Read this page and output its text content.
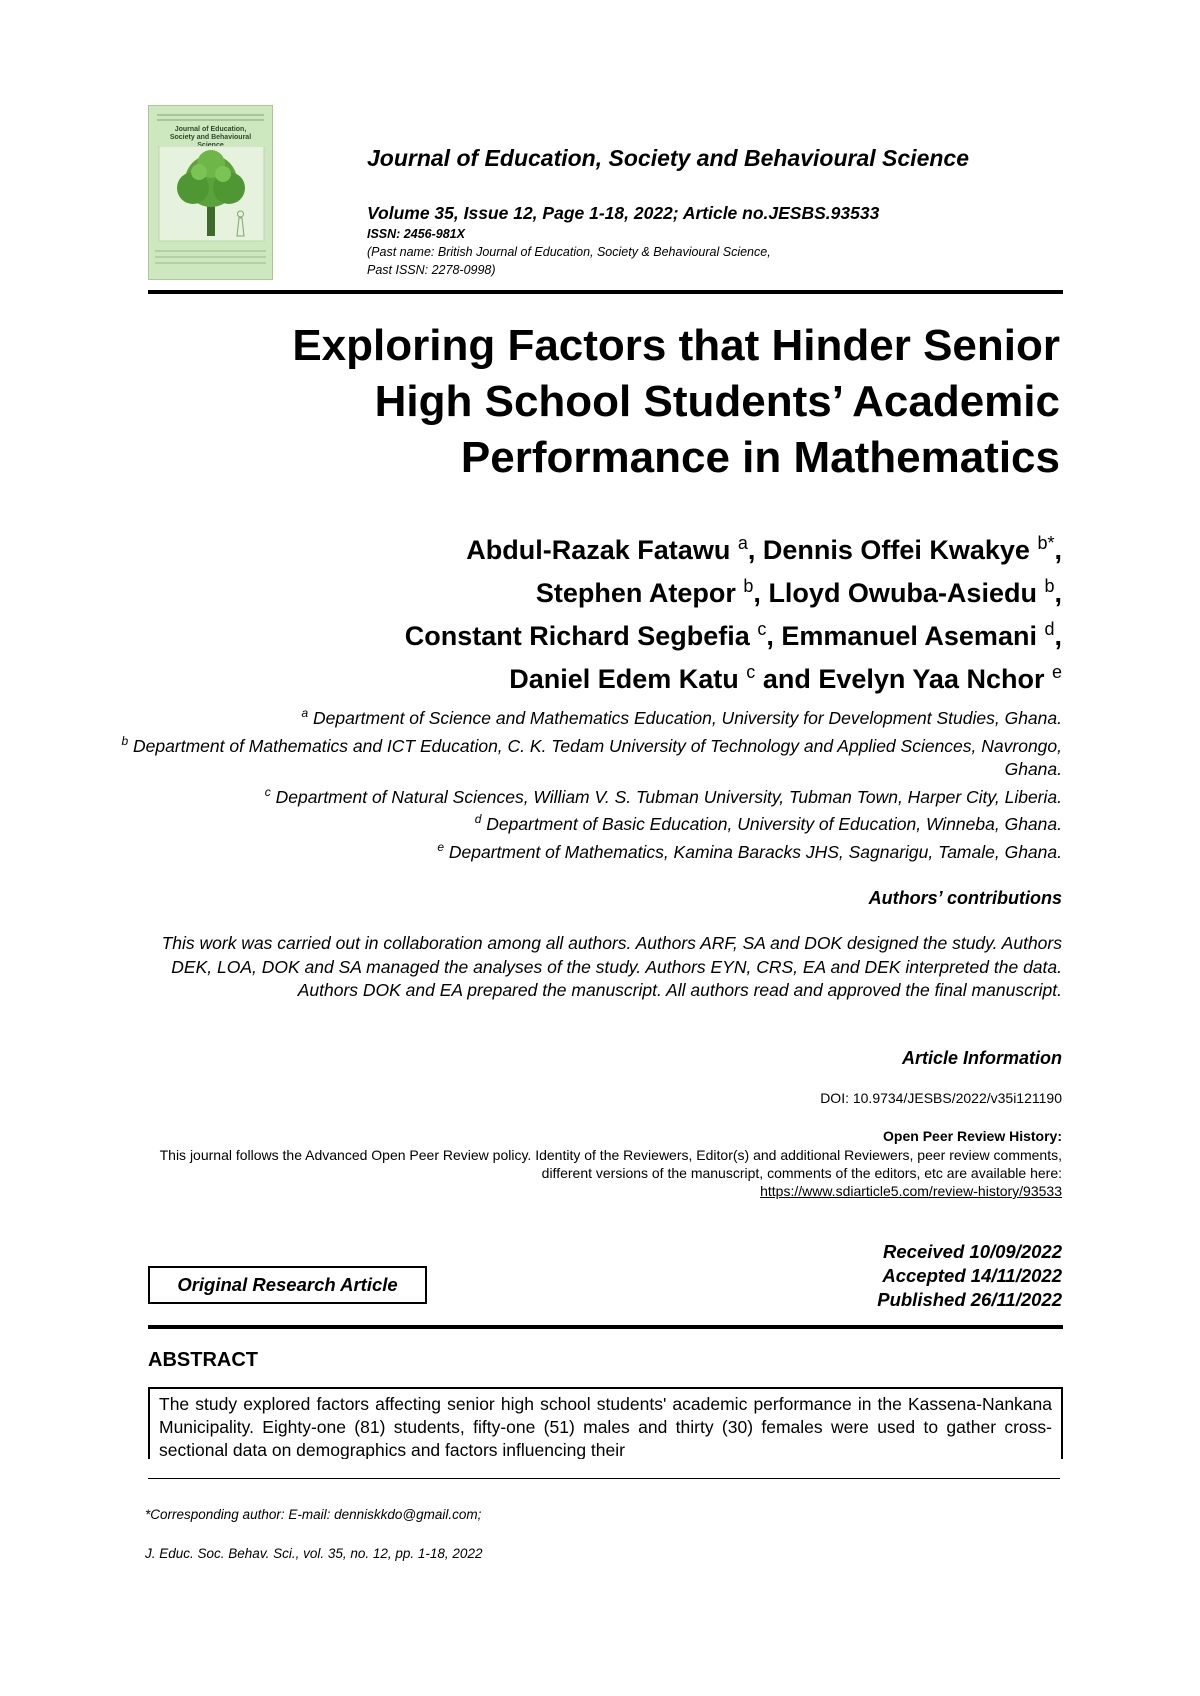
Journal of Education,
Society and Behavioural
Journal of Education, Society and Behavioural Science
Volume 35, Issue 12, Page 1-18, 2022; Article no.JESBS.93533
ISSN: 2456-981X
(Past name: British Journal of Education, Society & Behavioural Science,
Past ISSN: 2278-0998)
Exploring Factors that Hinder Senior
High School Students’ Academic
Performance in Mathematics
Abdul-Razak Fatawu $^a$, Dennis Offei Kwakye $^{b*}$,
Stephen Atepor $^b$, Lloyd Owuba-Asiedu $^b$,
Constant Richard Segbefia $^c$, Emmanuel Asemani $^d$,
Daniel Edem Katu $^c$ and Evelyn Yaa Nchor $^e$
$^a$ Department of Science and Mathematics Education, University for Development Studies, Ghana.
$^b$ Department of Mathematics and ICT Education, C. K. Tedam University of Technology and Applied Sciences, Navrongo, Ghana.
$^c$ Department of Natural Sciences, William V. S. Tubman University, Tubman Town, Harper City, Liberia.
$^d$ Department of Basic Education, University of Education, Winneba, Ghana.
$^e$ Department of Mathematics, Kamina Baracks JHS, Sagnarigu, Tamale, Ghana.
Authors’ contributions
This work was carried out in collaboration among all authors. Authors ARF, SA and DOK designed the study. Authors DEK, LOA, DOK and SA managed the analyses of the study. Authors EYN, CRS, EA and DEK interpreted the data. Authors DOK and EA prepared the manuscript. All authors read and approved the final manuscript.
Article Information
DOI: 10.9734/JESBS/2022/v35i121190
Open Peer Review History:
This journal follows the Advanced Open Peer Review policy. Identity of the Reviewers, Editor(s) and additional Reviewers, peer review comments, different versions of the manuscript, comments of the editors, etc are available here:
https://www.sdiarticle5.com/review-history/93533
Received 10/09/2022
Accepted 14/11/2022
Published 26/11/2022
Original Research Article
ABSTRACT
The study explored factors affecting senior high school students' academic performance in the Kassena-Nankana Municipality. Eighty-one (81) students, fifty-one (51) males and thirty (30) females were used to gather cross-sectional data on demographics and factors influencing their
*Corresponding author: E-mail: denniskkdo@gmail.com;
J. Educ. Soc. Behav. Sci., vol. 35, no. 12, pp. 1-18, 2022
